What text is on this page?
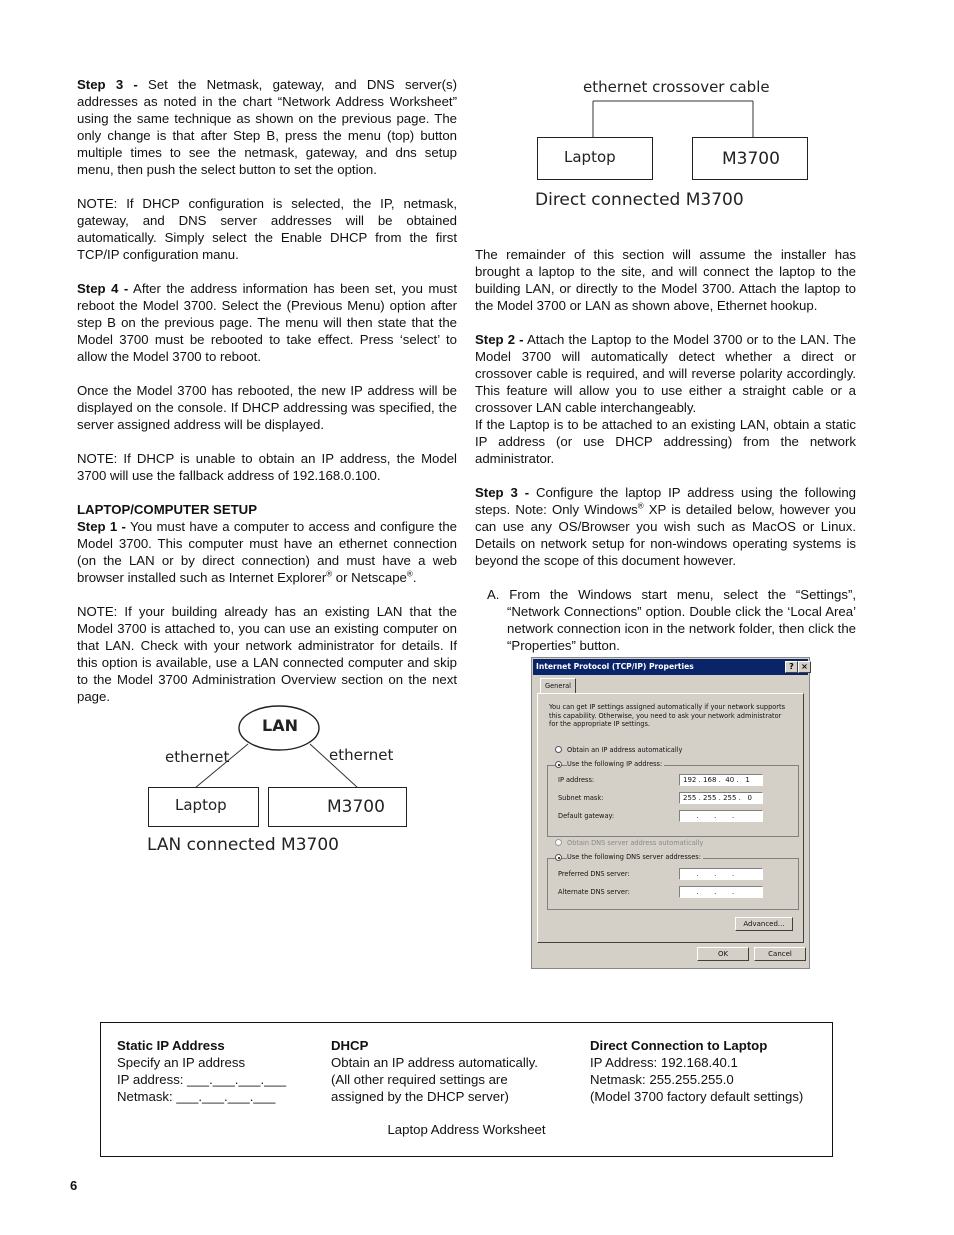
Step 3 - Set the Netmask, gateway, and DNS server(s) addresses as noted in the chart “Network Address Worksheet” using the same technique as shown on the previous page. The only change is that after Step B, press the menu (top) button multiple times to see the netmask, gateway, and dns setup menu, then push the select button to set the option.

NOTE: If DHCP configuration is selected, the IP, netmask, gateway, and DNS server addresses will be obtained automatically. Simply select the Enable DHCP from the first TCP/IP configuration manu.

Step 4 - After the address information has been set, you must reboot the Model 3700. Select the (Previous Menu) option after step B on the previous page. The menu will then state that the Model 3700 must be rebooted to take effect. Press ‘select’ to allow the Model 3700 to reboot.

Once the Model 3700 has rebooted, the new IP address will be displayed on the console. If DHCP addressing was specified, the server assigned address will be displayed.

NOTE: If DHCP is unable to obtain an IP address, the Model 3700 will use the fallback address of 192.168.0.100.

LAPTOP/COMPUTER SETUP

Step 1 - You must have a computer to access and configure the Model 3700. This computer must have an ethernet connection (on the LAN or by direct connection) and must have a web browser installed such as Internet Explorer® or Netscape®.

NOTE: If your building already has an existing LAN that the Model 3700 is attached to, you can use an existing computer on that LAN. Check with your network administrator for details. If this option is available, use a LAN connected computer and skip to the Model 3700 Administration Overview section on the next page.

LAN
ethernet	ethernet
Laptop	M3700
LAN connected M3700
ethernet crossover cable
Laptop	M3700
Direct connected M3700

The remainder of this section will assume the installer has brought a laptop to the site, and will connect the laptop to the building LAN, or directly to the Model 3700. Attach the laptop to the Model 3700 or LAN as shown above, Ethernet hookup.

Step 2 - Attach the Laptop to the Model 3700 or to the LAN. The Model 3700 will automatically detect whether a direct or crossover cable is required, and will reverse polarity accordingly. This feature will allow you to use either a straight cable or a crossover LAN cable interchangeably.

If the Laptop is to be attached to an existing LAN, obtain a static IP address (or use DHCP addressing) from the network administrator.

Step 3 - Configure the laptop IP address using the following steps. Note: Only Windows® XP is detailed below, however you can use any OS/Browser you wish such as MacOS or Linux. Details on network setup for non-windows operating systems is beyond the scope of this document however.

A. From the Windows start menu, select the “Settings”, “Network Connections” option. Double click the ‘Local Area’ network connection icon in the network folder, then click the “Properties” button.

Internet Protocol (TCP/IP) Properties	? ×
General
You can get IP settings assigned automatically if your network supports this capability. Otherwise, you need to ask your network administrator for the appropriate IP settings.
Obtain an IP address automatically
Use the following IP address:
IP address:	192 . 168 .  40 .   1
Subnet mask:	255 . 255 . 255 .   0
Default gateway:	.       .       .
Obtain DNS server address automatically
Use the following DNS server addresses:
Preferred DNS server:	.       .       .
Alternate DNS server:	.       .       .
Advanced...
OK	Cancel
Static IP Address
Specify an IP address
IP address: ___.___.___.___
Netmask: ___.___.___.___
DHCP
Obtain an IP address automatically.
(All other required settings are
assigned by the DHCP server)
Direct Connection to Laptop
IP Address: 192.168.40.1
Netmask: 255.255.255.0
(Model 3700 factory default settings)
Laptop Address Worksheet
6
